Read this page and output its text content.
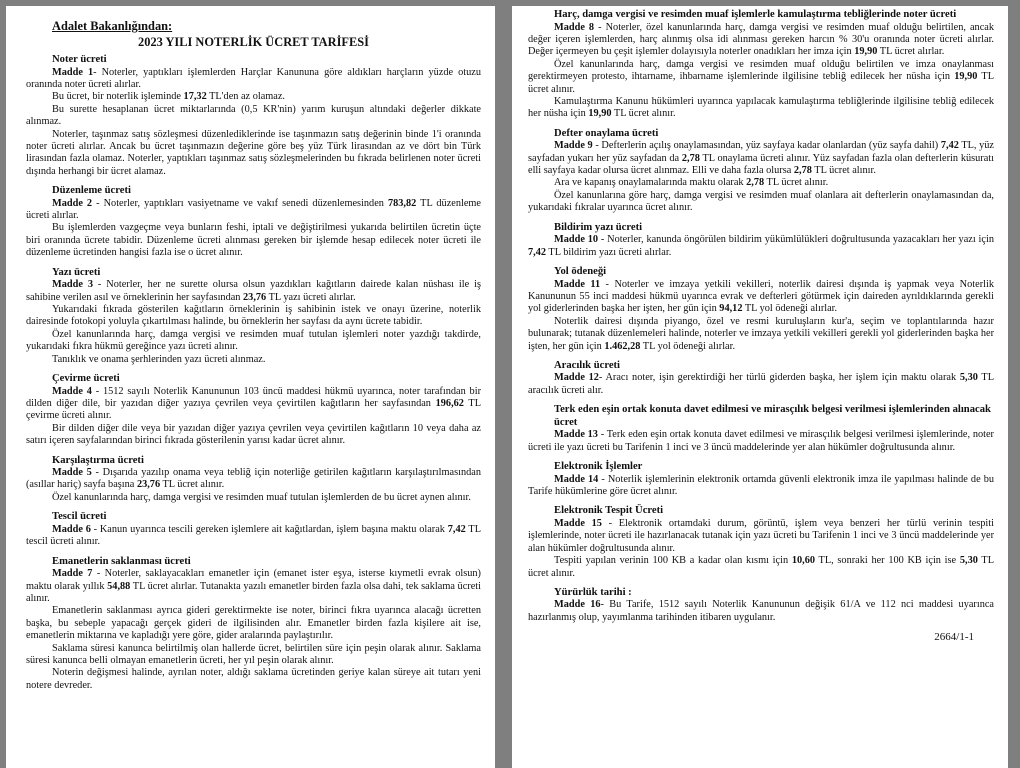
Adalet Bakanlığından:
2023 YILI NOTERLİK ÜCRET TARİFESİ
Noter ücreti

Madde 1- Noterler, yaptıkları işlemlerden Harçlar Kanununa göre aldıkları harçların yüzde otuzu oranında noter ücreti alırlar.

Bu ücret, bir noterlik işleminde 17,32 TL'den az olamaz.

Bu surette hesaplanan ücret miktarlarında (0,5 KR'nin) yarım kuruşun altındaki değerler dikkate alınmaz.

Noterler, taşınmaz satış sözleşmesi düzenlediklerinde ise taşınmazın satış değerinin binde 1'i oranında noter ücreti alırlar. Ancak bu ücret taşınmazın değerine göre beş yüz Türk lirasından az ve dört bin Türk lirasından fazla olamaz. Noterler, yaptıkları taşınmaz satış sözleşmelerinden bu fıkrada belirlenen noter ücreti dışında herhangi bir ücret alamaz.

Düzenleme ücreti

Madde 2 - Noterler, yaptıkları vasiyetname ve vakıf senedi düzenlemesinden 783,82 TL düzenleme ücreti alırlar.

Bu işlemlerden vazgeçme veya bunların feshi, iptali ve değiştirilmesi yukarıda belirtilen ücretin üçte biri oranında ücrete tabidir. Düzenleme ücreti alınması gereken bir işlemde hesap edilecek noter ücreti ile düzenleme ücretinden hangisi fazla ise o ücret alınır.

Yazı ücreti

Madde 3 - Noterler, her ne surette olursa olsun yazdıkları kağıtların dairede kalan nüshası ile iş sahibine verilen asıl ve örneklerinin her sayfasından 23,76 TL yazı ücreti alırlar.

Yukarıdaki fıkrada gösterilen kağıtların örneklerinin iş sahibinin istek ve onayı üzerine, noterlik dairesinde fotokopi yoluyla çıkartılması halinde, bu örneklerin her sayfası da aynı ücrete tabidir.

Özel kanunlarında harç, damga vergisi ve resimden muaf tutulan işlemleri noter yazdığı takdirde, yukarıdaki fıkra hükmü gereğince yazı ücreti alınır.

Tanıklık ve onama şerhlerinden yazı ücreti alınmaz.

Çevirme ücreti

Madde 4 - 1512 sayılı Noterlik Kanununun 103 üncü maddesi hükmü uyarınca, noter tarafından bir dilden diğer dile, bir yazıdan diğer yazıya çevrilen veya çevirtilen kağıtların her sayfasından 196,62 TL çevirme ücreti alınır.

Bir dilden diğer dile veya bir yazıdan diğer yazıya çevrilen veya çevirtilen kağıtların 10 veya daha az satırı içeren sayfalarından birinci fıkrada gösterilenin yarısı kadar ücret alınır.

Karşılaştırma ücreti

Madde 5 - Dışarıda yazılıp onama veya tebliğ için noterliğe getirilen kağıtların karşılaştırılmasından (asıllar hariç) sayfa başına 23,76 TL ücret alınır.

Özel kanunlarında harç, damga vergisi ve resimden muaf tutulan işlemlerden de bu ücret aynen alınır.

Tescil ücreti

Madde 6 - Kanun uyarınca tescili gereken işlemlere ait kağıtlardan, işlem başına maktu olarak 7,42 TL tescil ücreti alınır.

Emanetlerin saklanması ücreti

Madde 7 - Noterler, saklayacakları emanetler için (emanet ister eşya, isterse kıymetli evrak olsun) maktu olarak yıllık 54,88 TL ücret alırlar. Tutanakta yazılı emanetler birden fazla olsa dahi, tek saklama ücreti alınır.

Emanetlerin saklanması ayrıca gideri gerektirmekte ise noter, birinci fıkra uyarınca alacağı ücretten başka, bu sebeple yapacağı gerçek gideri de ilgilisinden alır. Emanetler birden fazla kişilere ait ise, emanetlerin miktarına ve kapladığı yere göre, gider aralarında paylaştırılır.

Saklama süresi kanunca belirtilmiş olan hallerde ücret, belirtilen süre için peşin olarak alınır. Saklama süresi kanunca belli olmayan emanetlerin ücreti, her yıl peşin olarak alınır.

Noterin değişmesi halinde, ayrılan noter, aldığı saklama ücretinden geriye kalan süreye ait tutarı yeni notere devreder.

Harç, damga vergisi ve resimden muaf işlemlerle kamulaştırma tebliğlerinde noter ücreti

Madde 8 - Noterler, özel kanunlarında harç, damga vergisi ve resimden muaf olduğu belirtilen, ancak değer içeren işlemlerden, harç alınmış olsa idi alınması gereken harcın % 30'u oranında noter ücreti alırlar. Değer içermeyen bu çeşit işlemler dolayısıyla noterler onadıkları her imza için 19,90 TL ücret alırlar.

Özel kanunlarında harç, damga vergisi ve resimden muaf olduğu belirtilen ve imza onaylanması gerektirmeyen protesto, ihtarname, ihbarname işlemlerinde ilgilisine tebliğ edilecek her nüsha için 19,90 TL ücret alınır.

Kamulaştırma Kanunu hükümleri uyarınca yapılacak kamulaştırma tebliğlerinde ilgilisine tebliğ edilecek her nüsha için 19,90 TL ücret alınır.

Defter onaylama ücreti

Madde 9 - Defterlerin açılış onaylamasından, yüz sayfaya kadar olanlardan (yüz sayfa dahil) 7,42 TL, yüz sayfadan yukarı her yüz sayfadan da 2,78 TL onaylama ücreti alınır. Yüz sayfadan fazla olan defterlerin küsuratı elli sayfaya kadar olursa ücret alınmaz. Elli ve daha fazla olursa 2,78 TL ücret alınır.

Ara ve kapanış onaylamalarında maktu olarak 2,78 TL ücret alınır.

Özel kanunlarına göre harç, damga vergisi ve resimden muaf olanlara ait defterlerin onaylamasından da, yukarıdaki fıkralar uyarınca ücret alınır.

Bildirim yazı ücreti

Madde 10 - Noterler, kanunda öngörülen bildirim yükümlülükleri doğrultusunda yazacakları her yazı için 7,42 TL bildirim yazı ücreti alırlar.

Yol ödeneği

Madde 11 - Noterler ve imzaya yetkili vekilleri, noterlik dairesi dışında iş yapmak veya Noterlik Kanununun 55 inci maddesi hükmü uyarınca evrak ve defterleri götürmek için daireden ayrıldıklarında gerekli yol giderlerinden başka her işten, her gün için 94,12 TL yol ödeneği alırlar.

Noterlik dairesi dışında piyango, özel ve resmi kuruluşların kur'a, seçim ve toplantılarında hazır bulunarak; tutanak düzenlemeleri halinde, noterler ve imzaya yetkili vekilleri gerekli yol giderlerinden başka her işten, her gün için 1.462,28 TL yol ödeneği alırlar.

Aracılık ücreti

Madde 12- Aracı noter, işin gerektirdiği her türlü giderden başka, her işlem için maktu olarak 5,30 TL aracılık ücreti alır.

Terk eden eşin ortak konuta davet edilmesi ve mirasçılık belgesi verilmesi işlemlerinden alınacak ücret

Madde 13 - Terk eden eşin ortak konuta davet edilmesi ve mirasçılık belgesi verilmesi işlemlerinde, noter ücreti ile yazı ücreti bu Tarifenin 1 inci ve 3 üncü maddelerinde yer alan hükümler doğrultusunda alınır.

Elektronik İşlemler

Madde 14 - Noterlik işlemlerinin elektronik ortamda güvenli elektronik imza ile yapılması halinde de bu Tarife hükümlerine göre ücret alınır.

Elektronik Tespit Ücreti

Madde 15 - Elektronik ortamdaki durum, görüntü, işlem veya benzeri her türlü verinin tespiti işlemlerinde, noter ücreti ile hazırlanacak tutanak için yazı ücreti bu Tarifenin 1 inci ve 3 üncü maddelerinde yer alan hükümler doğrultusunda alınır.

Tespiti yapılan verinin 100 KB a kadar olan kısmı için 10,60 TL, sonraki her 100 KB için ise 5,30 TL ücret alınır.

Yürürlük tarihi :

Madde 16- Bu Tarife, 1512 sayılı Noterlik Kanununun değişik 61/A ve 112 nci maddesi uyarınca hazırlanmış olup, yayımlanma tarihinden itibaren uygulanır.

2664/1-1
